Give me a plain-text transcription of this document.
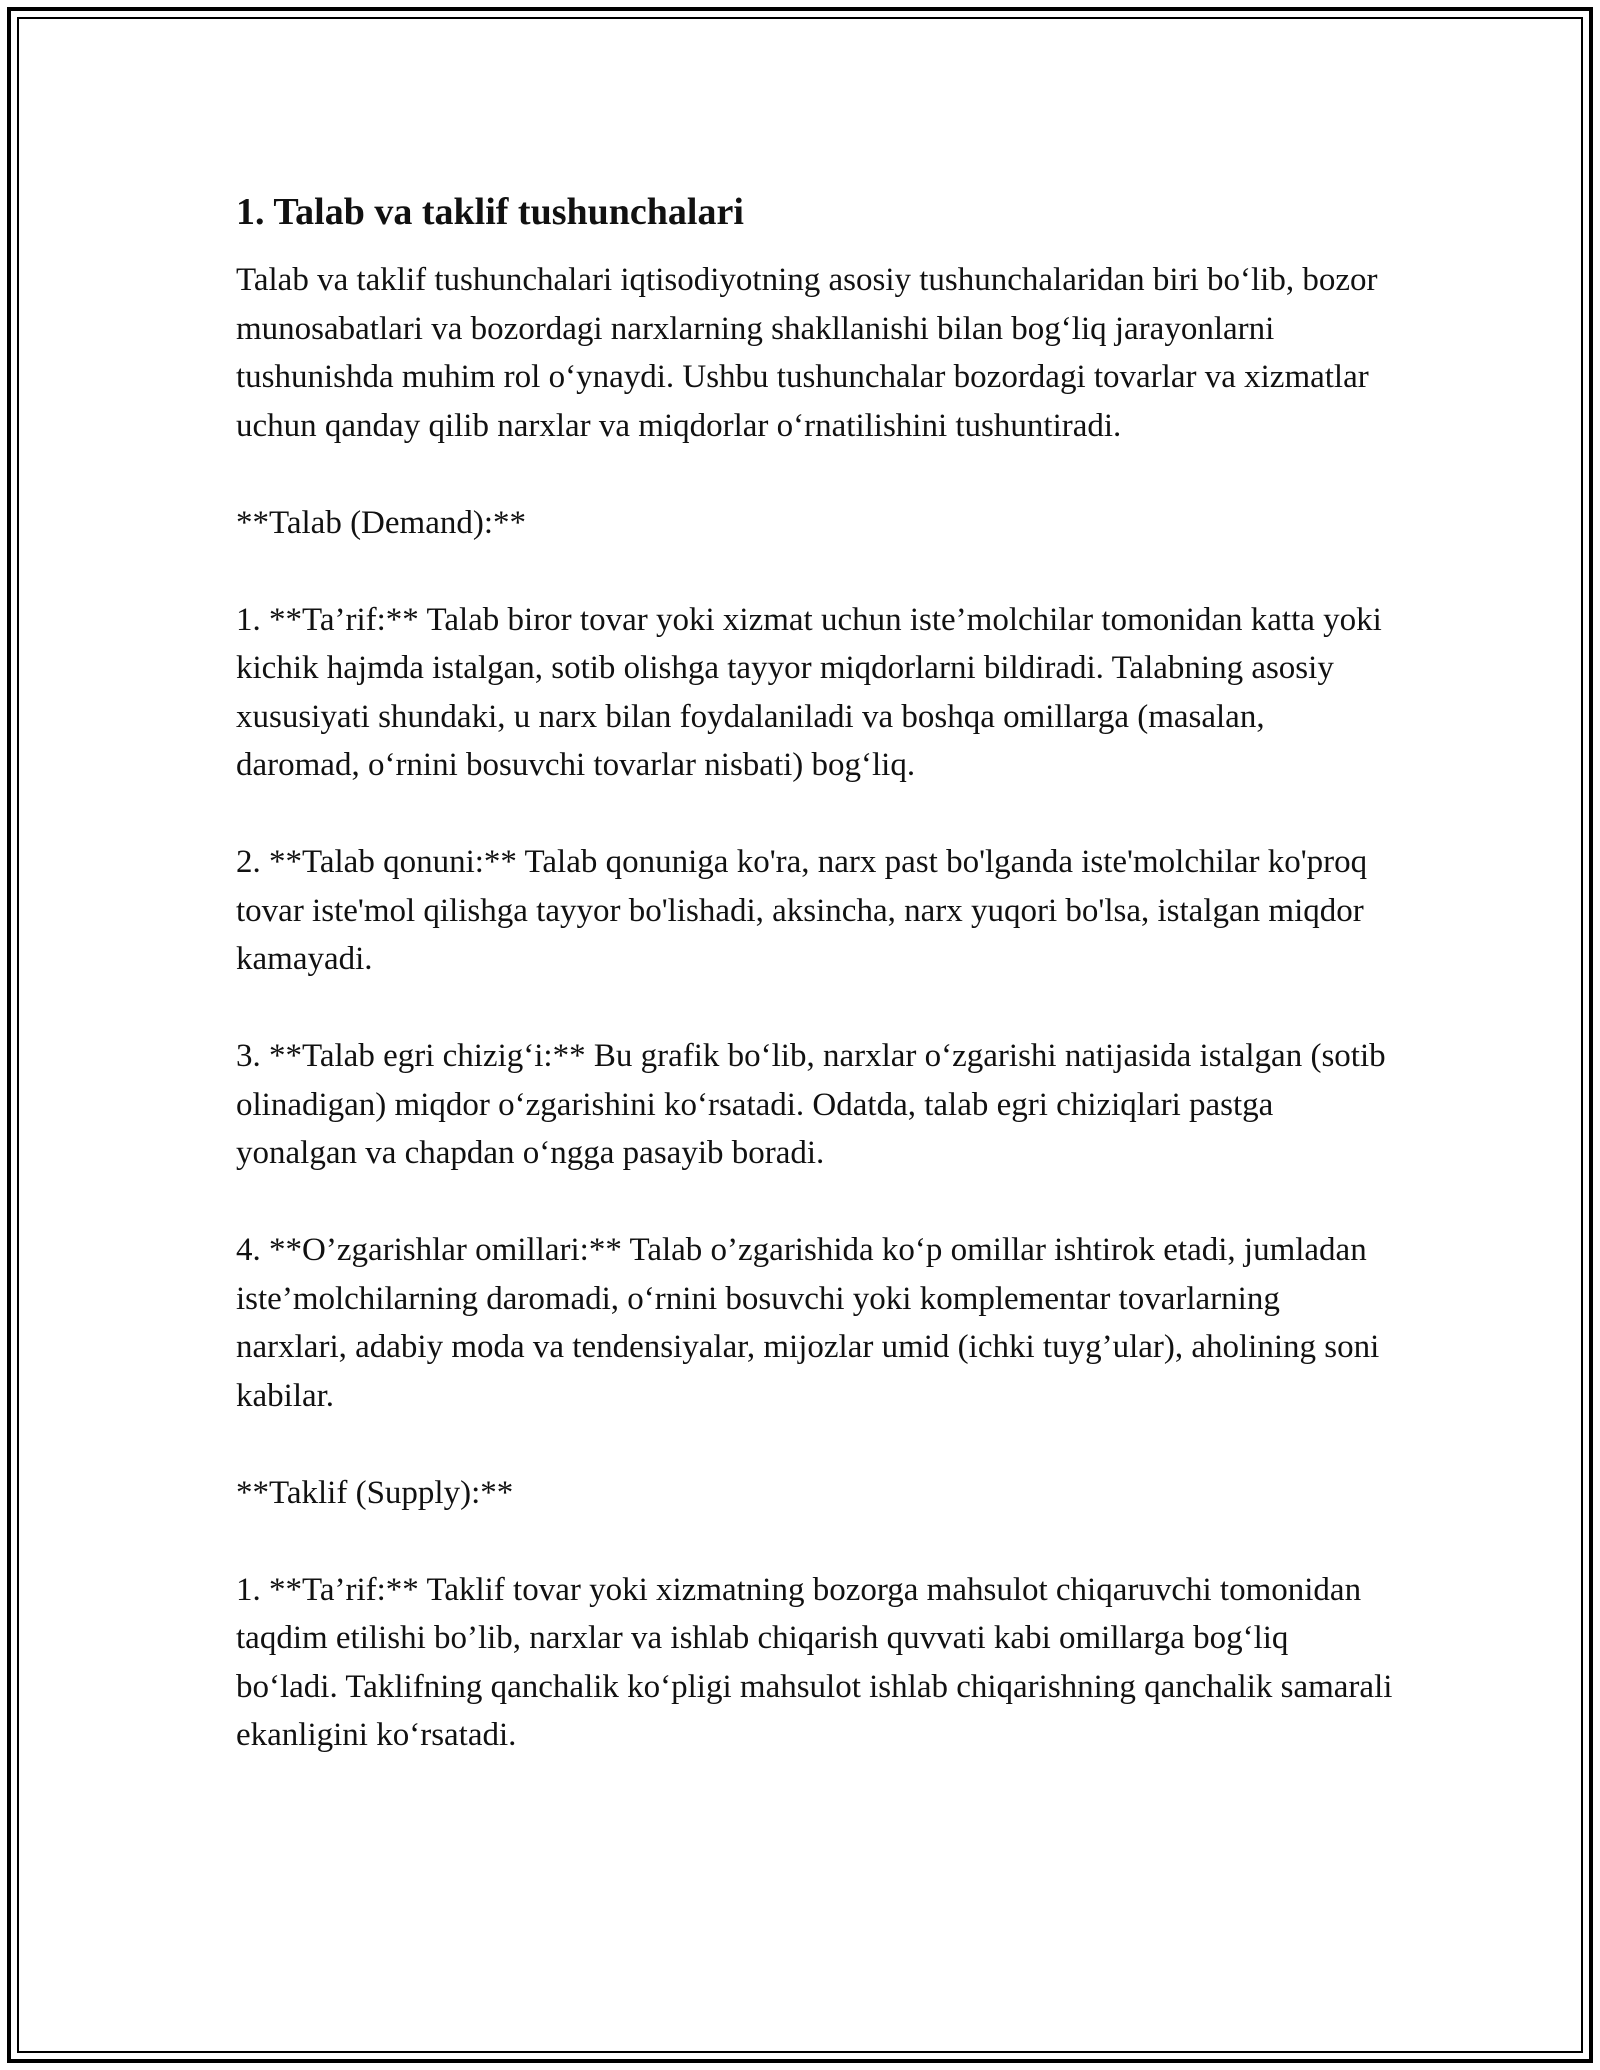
1. Talab va taklif tushunchalari

Talab va taklif tushunchalari iqtisodiyotning asosiy tushunchalaridan biri bo‘lib, bozor munosabatlari va bozordagi narxlarning shakllanishi bilan bog‘liq jarayonlarni tushunishda muhim rol o‘ynaydi. Ushbu tushunchalar bozordagi tovarlar va xizmatlar uchun qanday qilib narxlar va miqdorlar o‘rnatilishini tushuntiradi.

**Talab (Demand):**

1. **Ta’rif:** Talab biror tovar yoki xizmat uchun iste’molchilar tomonidan katta yoki kichik hajmda istalgan, sotib olishga tayyor miqdorlarni bildiradi. Talabning asosiy xususiyati shundaki, u narx bilan foydalaniladi va boshqa omillarga (masalan, daromad, o‘rnini bosuvchi tovarlar nisbati) bog‘liq.

2. **Talab qonuni:** Talab qonuniga ko'ra, narx past bo'lganda iste'molchilar ko'proq tovar iste'mol qilishga tayyor bo'lishadi, aksincha, narx yuqori bo'lsa, istalgan miqdor kamayadi.

3. **Talab egri chizig‘i:** Bu grafik bo‘lib, narxlar o‘zgarishi natijasida istalgan (sotib olinadigan) miqdor o‘zgarishini ko‘rsatadi. Odatda, talab egri chiziqlari pastga yonalgan va chapdan o‘ngga pasayib boradi.

4. **O’zgarishlar omillari:** Talab o’zgarishida ko‘p omillar ishtirok etadi, jumladan iste’molchilarning daromadi, o‘rnini bosuvchi yoki komplementar tovarlarning narxlari, adabiy moda va tendensiyalar, mijozlar umid (ichki tuyg’ular), aholining soni kabilar.

**Taklif (Supply):**

1. **Ta’rif:** Taklif tovar yoki xizmatning bozorga mahsulot chiqaruvchi tomonidan taqdim etilishi bo’lib, narxlar va ishlab chiqarish quvvati kabi omillarga bog‘liq bo‘ladi. Taklifning qanchalik ko‘pligi mahsulot ishlab chiqarishning qanchalik samarali ekanligini ko‘rsatadi.
